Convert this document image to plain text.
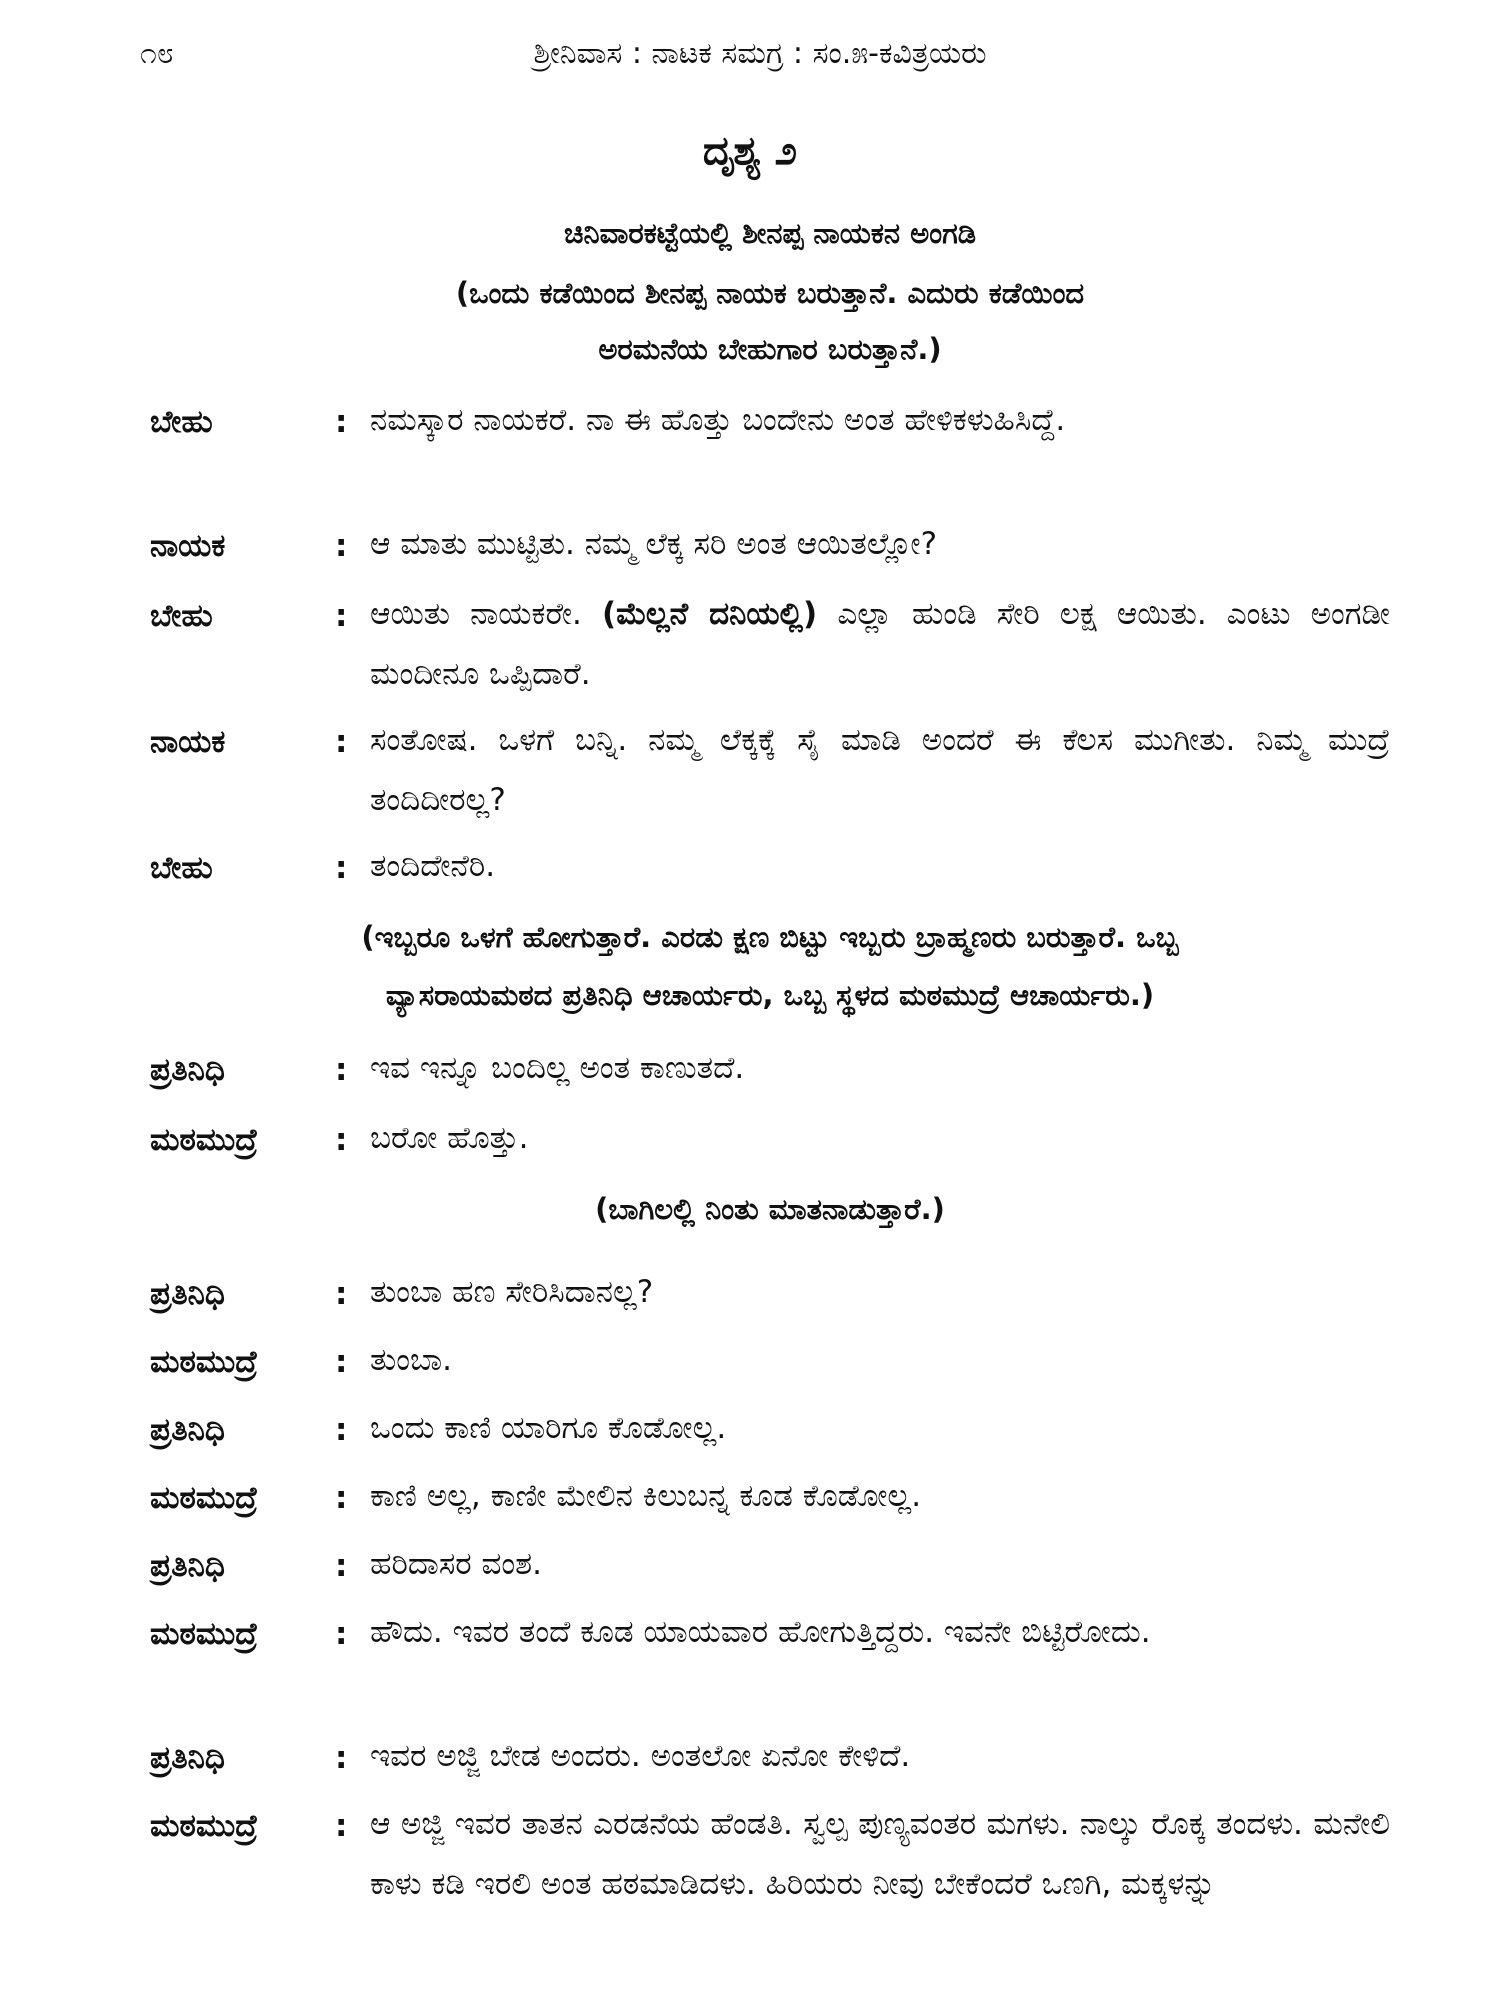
೧೮	ಶ್ರೀನಿವಾಸ : ನಾಟಕ ಸಮಗ್ರ : ಸಂ.೫-ಕವಿತ್ರಯರು
ದೃಶ್ಯ ೨
ಚಿನಿವಾರಕಟ್ಟೆಯಲ್ಲಿ ಶೀನಪ್ಪ ನಾಯಕನ ಅಂಗಡಿ
(ಒಂದು ಕಡೆಯಿಂದ ಶೀನಪ್ಪ ನಾಯಕ ಬರುತ್ತಾನೆ. ಎದುರು ಕಡೆಯಿಂದ
ಅರಮನೆಯ ಬೇಹುಗಾರ ಬರುತ್ತಾನೆ.)
ಬೇಹು	: ನಮಸ್ಕಾರ ನಾಯಕರೆ. ನಾ ಈ ಹೊತ್ತು ಬಂದೇನು ಅಂತ ಹೇಳಿಕಳುಹಿಸಿದ್ದೆ.
ನಾಯಕ	: ಆ ಮಾತು ಮುಟ್ಟಿತು. ನಮ್ಮ ಲೆಕ್ಕ ಸರಿ ಅಂತ ಆಯಿತಲ್ಲೋ?
ಬೇಹು	: ಆಯಿತು ನಾಯಕರೇ. (ಮೆಲ್ಲನೆ ದನಿಯಲ್ಲಿ) ಎಲ್ಲಾ ಹುಂಡಿ ಸೇರಿ ಲಕ್ಷ ಆಯಿತು. ಎಂಟು ಅಂಗಡೀ ಮಂದೀನೂ ಒಪ್ಪಿದಾರೆ.
ನಾಯಕ	: ಸಂತೋಷ. ಒಳಗೆ ಬನ್ನಿ. ನಮ್ಮ ಲೆಕ್ಕಕ್ಕೆ ಸೈ ಮಾಡಿ ಅಂದರೆ ಈ ಕೆಲಸ ಮುಗೀತು. ನಿಮ್ಮ ಮುದ್ರೆ ತಂದಿದೀರಲ್ಲ?
ಬೇಹು	: ತಂದಿದೇನೆರಿ.
(ಇಬ್ಬರೂ ಒಳಗೆ ಹೋಗುತ್ತಾರೆ. ಎರಡು ಕ್ಷಣ ಬಿಟ್ಟು ಇಬ್ಬರು ಬ್ರಾಹ್ಮಣರು ಬರುತ್ತಾರೆ. ಒಬ್ಬ
ವ್ಯಾಸರಾಯಮಠದ ಪ್ರತಿನಿಧಿ ಆಚಾರ್ಯರು, ಒಬ್ಬ ಸ್ಥಳದ ಮಠಮುದ್ರೆ ಆಚಾರ್ಯರು.)
ಪ್ರತಿನಿಧಿ	: ಇವ ಇನ್ನೂ ಬಂದಿಲ್ಲ ಅಂತ ಕಾಣುತದೆ.
ಮಠಮುದ್ರೆ : ಬರೋ ಹೊತ್ತು.
(ಬಾಗಿಲಲ್ಲಿ ನಿಂತು ಮಾತನಾಡುತ್ತಾರೆ.)
ಪ್ರತಿನಿಧಿ	: ತುಂಬಾ ಹಣ ಸೇರಿಸಿದಾನಲ್ಲ?
ಮಠಮುದ್ರೆ : ತುಂಬಾ.
ಪ್ರತಿನಿಧಿ	: ಒಂದು ಕಾಣಿ ಯಾರಿಗೂ ಕೊಡೋಲ್ಲ.
ಮಠಮುದ್ರೆ : ಕಾಣಿ ಅಲ್ಲ, ಕಾಣೀ ಮೇಲಿನ ಕಿಲುಬನ್ನ ಕೂಡ ಕೊಡೋಲ್ಲ.
ಪ್ರತಿನಿಧಿ	: ಹರಿದಾಸರ ವಂಶ.
ಮಠಮುದ್ರೆ : ಹೌದು. ಇವರ ತಂದೆ ಕೂಡ ಯಾಯವಾರ ಹೋಗುತ್ತಿದ್ದರು. ಇವನೇ ಬಿಟ್ಟಿರೋದು.
ಪ್ರತಿನಿಧಿ	: ಇವರ ಅಜ್ಜಿ ಬೇಡ ಅಂದರು. ಅಂತಲೋ ಏನೋ ಕೇಳಿದೆ.
ಮಠಮುದ್ರೆ : ಆ ಅಜ್ಜಿ ಇವರ ತಾತನ ಎರಡನೆಯ ಹೆಂಡತಿ. ಸ್ವಲ್ಪ ಪುಣ್ಯವಂತರ ಮಗಳು. ನಾಲ್ಕು ರೊಕ್ಕ ತಂದಳು. ಮನೇಲಿ ಕಾಳು ಕಡಿ ಇರಲಿ ಅಂತ ಹಠಮಾಡಿದಳು. ಹಿರಿಯರು ನೀವು ಬೇಕೆಂದರೆ ಒಣಗಿ, ಮಕ್ಕಳನ್ನು
